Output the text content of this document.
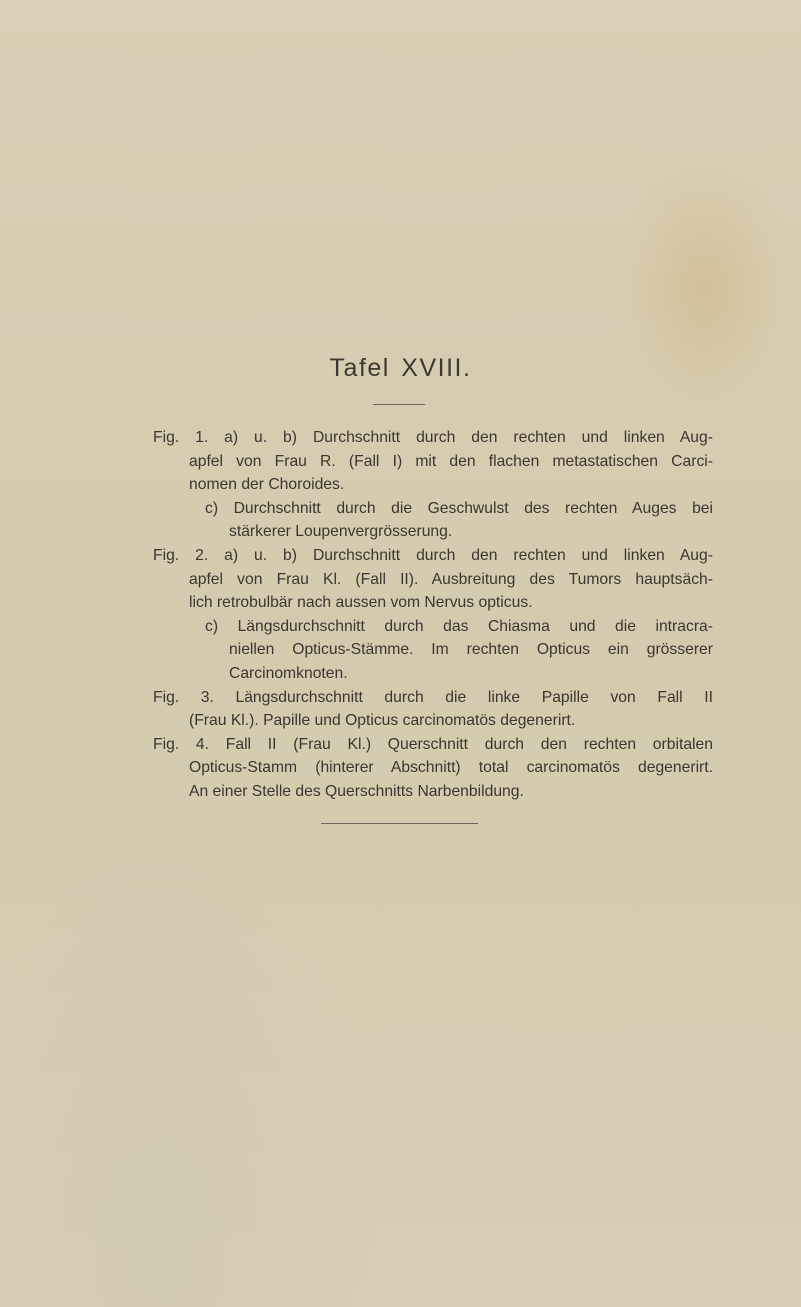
Tafel XVIII.
Fig. 1. a) u. b) Durchschnitt durch den rechten und linken Aug-
apfel von Frau R. (Fall I) mit den flachen metastatischen Carci-
nomen der Choroides.
c) Durchschnitt durch die Geschwulst des rechten Auges bei
stärkerer Loupenvergrösserung.
Fig. 2. a) u. b) Durchschnitt durch den rechten und linken Aug-
apfel von Frau Kl. (Fall II). Ausbreitung des Tumors hauptsäch-
lich retrobulbär nach aussen vom Nervus opticus.
c) Längsdurchschnitt durch das Chiasma und die intracra-
niellen Opticus-Stämme. Im rechten Opticus ein grösserer
Carcinomknoten.
Fig. 3. Längsdurchschnitt durch die linke Papille von Fall II
(Frau Kl.). Papille und Opticus carcinomatös degenerirt.
Fig. 4. Fall II (Frau Kl.) Querschnitt durch den rechten orbitalen
Opticus-Stamm (hinterer Abschnitt) total carcinomatös degenerirt.
An einer Stelle des Querschnitts Narbenbildung.
